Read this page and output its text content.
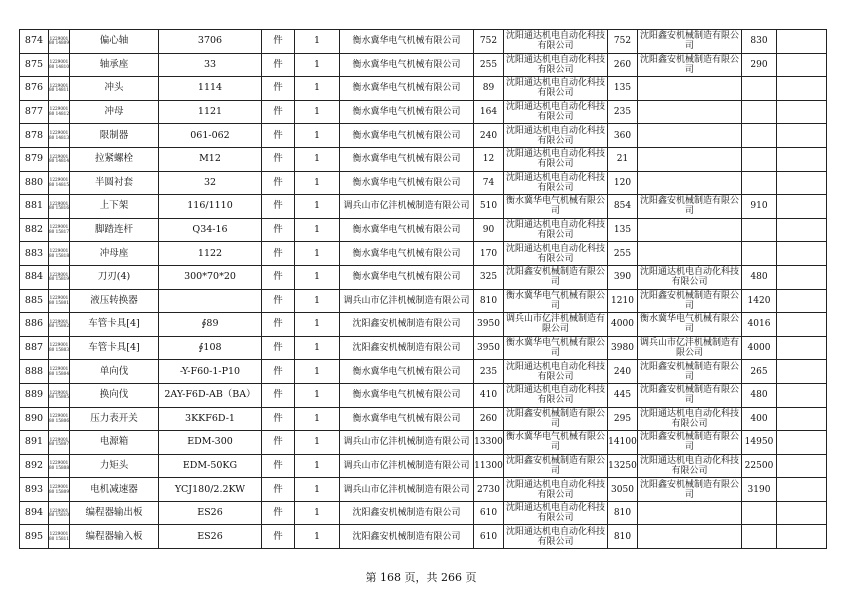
874	122900180 14809	偏心轴	3706	件	1	衡水冀华电气机械有限公司	752	沈阳通达机电自动化科技有限公司	752	沈阳鑫安机械制造有限公司	830	
875	122900180 14810	轴承座	33	件	1	衡水冀华电气机械有限公司	255	沈阳通达机电自动化科技有限公司	260	沈阳鑫安机械制造有限公司	290	
876	122900180 14811	冲头	1114	件	1	衡水冀华电气机械有限公司	89	沈阳通达机电自动化科技有限公司	135			
877	122900180 14812	冲母	1121	件	1	衡水冀华电气机械有限公司	164	沈阳通达机电自动化科技有限公司	235			
878	122900180 14813	限制器	061-062	件	1	衡水冀华电气机械有限公司	240	沈阳通达机电自动化科技有限公司	360			
879	122900180 14814	拉紧螺栓	M12	件	1	衡水冀华电气机械有限公司	12	沈阳通达机电自动化科技有限公司	21			
880	122900180 14815	半圆衬套	32	件	1	衡水冀华电气机械有限公司	74	沈阳通达机电自动化科技有限公司	120			
881	122900180 15816	上下架	116/1110	件	1	调兵山市亿沣机械制造有限公司	510	衡水冀华电气机械有限公司	854	沈阳鑫安机械制造有限公司	910	
882	122900180 15817	脚踏连杆	Q34-16	件	1	衡水冀华电气机械有限公司	90	沈阳通达机电自动化科技有限公司	135			
883	122900180 15818	冲母座	1122	件	1	衡水冀华电气机械有限公司	170	沈阳通达机电自动化科技有限公司	255			
884	122900180 15819	刀刃(4)	300*70*20	件	1	衡水冀华电气机械有限公司	325	沈阳鑫安机械制造有限公司	390	沈阳通达机电自动化科技有限公司	480	
885	122900180 15801	液压转换器		件	1	调兵山市亿沣机械制造有限公司	810	衡水冀华电气机械有限公司	1210	沈阳鑫安机械制造有限公司	1420	
886	122900180 15802	车管卡具[4]	∮89	件	1	沈阳鑫安机械制造有限公司	3950	调兵山市亿沣机械制造有限公司	4000	衡水冀华电气机械有限公司	4016	
887	122900180 15803	车管卡具[4]	∮108	件	1	沈阳鑫安机械制造有限公司	3950	衡水冀华电气机械有限公司	3980	调兵山市亿沣机械制造有限公司	4000	
888	122900180 15804	单向伐	-Y-F60-1-P10	件	1	衡水冀华电气机械有限公司	235	沈阳通达机电自动化科技有限公司	240	沈阳鑫安机械制造有限公司	265	
889	122900180 15805	换向伐	2AY-F6D-AB（BA）	件	1	衡水冀华电气机械有限公司	410	沈阳通达机电自动化科技有限公司	445	沈阳鑫安机械制造有限公司	480	
890	122900180 15806	压力表开关	3KKF6D-1	件	1	衡水冀华电气机械有限公司	260	沈阳鑫安机械制造有限公司	295	沈阳通达机电自动化科技有限公司	400	
891	122900180 15807	电源箱	EDM-300	件	1	调兵山市亿沣机械制造有限公司	13300	衡水冀华电气机械有限公司	14100	沈阳鑫安机械制造有限公司	14950	
892	122900180 15808	力矩头	EDM-50KG	件	1	调兵山市亿沣机械制造有限公司	11300	沈阳鑫安机械制造有限公司	13250	沈阳通达机电自动化科技有限公司	22500	
893	122900180 15809	电机减速器	YCJ180/2.2KW	件	1	调兵山市亿沣机械制造有限公司	2730	沈阳通达机电自动化科技有限公司	3050	沈阳鑫安机械制造有限公司	3190	
894	122900180 15810	编程器输出板	ES26	件	1	沈阳鑫安机械制造有限公司	610	沈阳通达机电自动化科技有限公司	810			
895	122900180 15811	编程器输入板	ES26	件	1	沈阳鑫安机械制造有限公司	610	沈阳通达机电自动化科技有限公司	810			
第 168 页，共 266 页
